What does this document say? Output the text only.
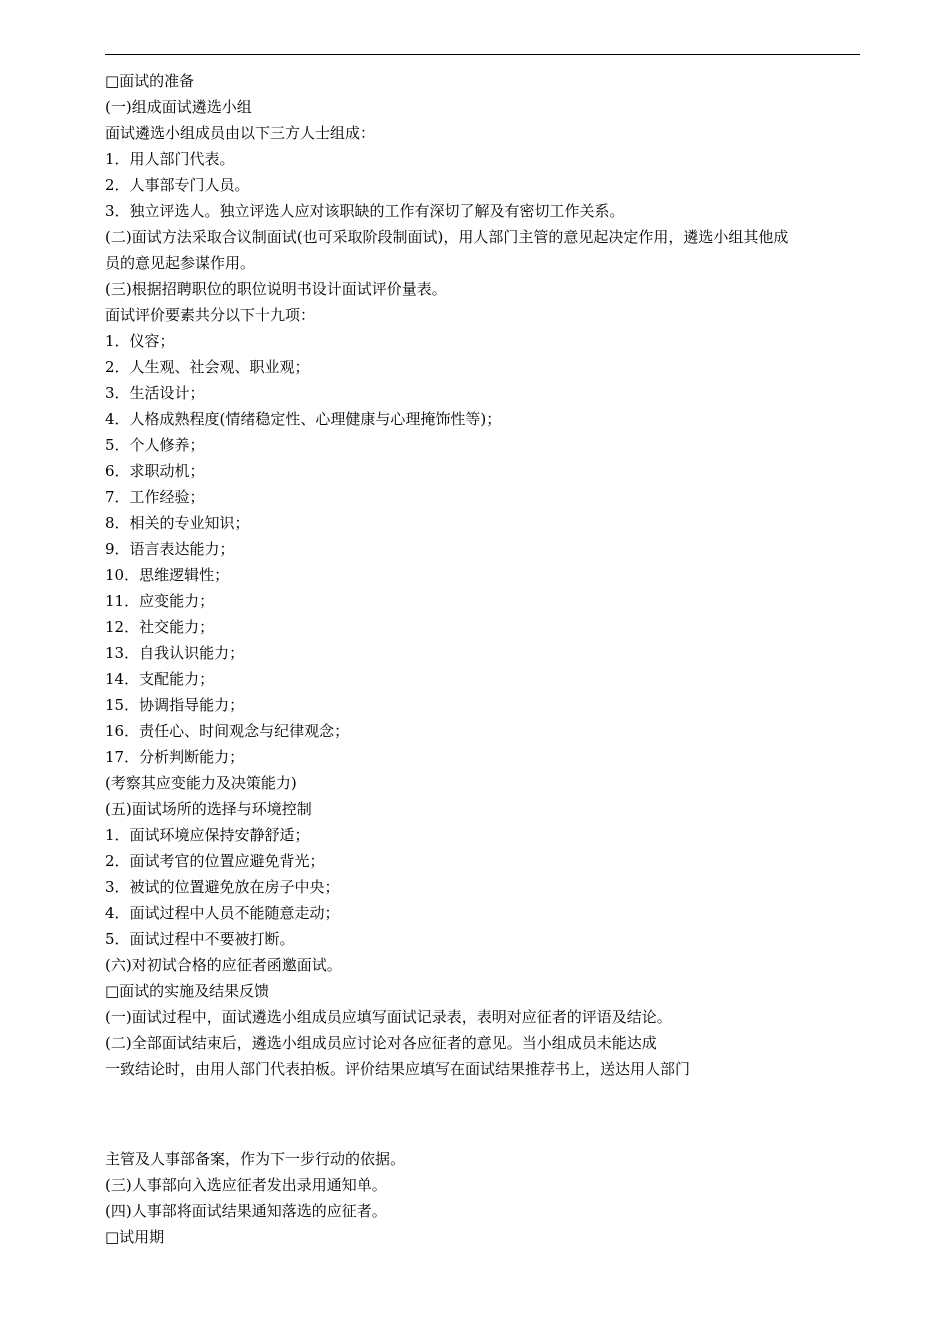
□面试的准备
(一)组成面试遴选小组
面试遴选小组成员由以下三方人士组成：
1．用人部门代表。
2．人事部专门人员。
3．独立评选人。独立评选人应对该职缺的工作有深切了解及有密切工作关系。
(二)面试方法采取合议制面试(也可采取阶段制面试)，用人部门主管的意见起决定作用，遴选小组其他成
员的意见起参谋作用。
(三)根据招聘职位的职位说明书设计面试评价量表。
面试评价要素共分以下十九项：
1．仪容；
2．人生观、社会观、职业观；
3．生活设计；
4．人格成熟程度(情绪稳定性、心理健康与心理掩饰性等)；
5．个人修养；
6．求职动机；
7．工作经验；
8．相关的专业知识；
9．语言表达能力；
10．思维逻辑性；
11．应变能力；
12．社交能力；
13．自我认识能力；
14．支配能力；
15．协调指导能力；
16．责任心、时间观念与纪律观念；
17．分析判断能力；
(考察其应变能力及决策能力)
(五)面试场所的选择与环境控制
1．面试环境应保持安静舒适；
2．面试考官的位置应避免背光；
3．被试的位置避免放在房子中央；
4．面试过程中人员不能随意走动；
5．面试过程中不要被打断。
(六)对初试合格的应征者函邀面试。
□面试的实施及结果反馈
(一)面试过程中，面试遴选小组成员应填写面试记录表，表明对应征者的评语及结论。
(二)全部面试结束后，遴选小组成员应讨论对各应征者的意见。当小组成员未能达成
一致结论时，由用人部门代表拍板。评价结果应填写在面试结果推荐书上，送达用人部门
主管及人事部备案，作为下一步行动的依据。
(三)人事部向入选应征者发出录用通知单。
(四)人事部将面试结果通知落选的应征者。
□试用期
